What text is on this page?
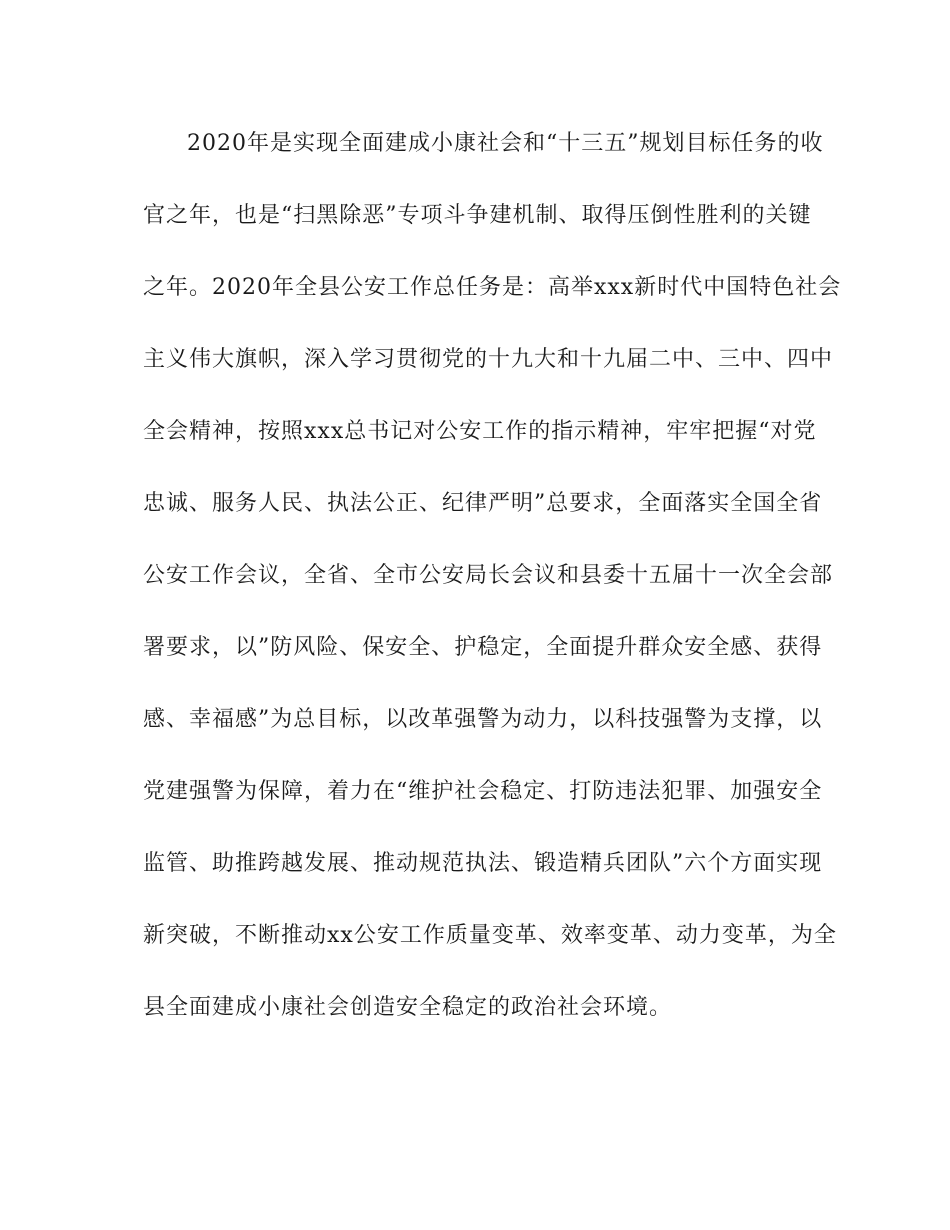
2020年是实现全面建成小康社会和“十三五”规划目标任务的收
官之年，也是“扫黑除恶”专项斗争建机制、取得压倒性胜利的关键
之年。2020年全县公安工作总任务是：高举xxx新时代中国特色社会
主义伟大旗帜，深入学习贯彻党的十九大和十九届二中、三中、四中
全会精神，按照xxx总书记对公安工作的指示精神，牢牢把握“对党
忠诚、服务人民、执法公正、纪律严明”总要求，全面落实全国全省
公安工作会议，全省、全市公安局长会议和县委十五届十一次全会部
署要求，以”防风险、保安全、护稳定，全面提升群众安全感、获得
感、幸福感”为总目标，以改革强警为动力，以科技强警为支撑，以
党建强警为保障，着力在“维护社会稳定、打防违法犯罪、加强安全
监管、助推跨越发展、推动规范执法、锻造精兵团队”六个方面实现
新突破，不断推动xx公安工作质量变革、效率变革、动力变革，为全
县全面建成小康社会创造安全稳定的政治社会环境。
